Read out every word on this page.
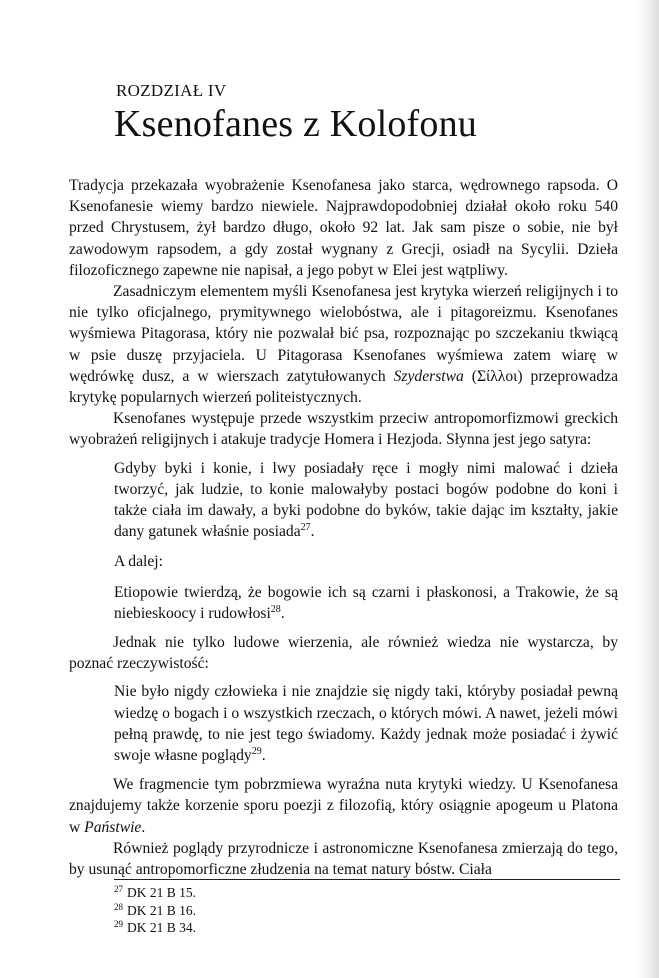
ROZDZIAŁ IV
Ksenofanes z Kolofonu

Tradycja przekazała wyobrażenie Ksenofanesa jako starca, wędrownego rapsoda. O Ksenofanesie wiemy bardzo niewiele. Najprawdopodobniej działał około roku 540 przed Chrystusem, żył bardzo długo, około 92 lat. Jak sam pisze o sobie, nie był zawodowym rapsodem, a gdy został wygnany z Grecji, osiadł na Sycylii. Dzieła filozoficznego zapewne nie napisał, a jego pobyt w Elei jest wątpliwy.

Zasadniczym elementem myśli Ksenofanesa jest krytyka wierzeń religijnych i to nie tylko oficjalnego, prymitywnego wielobóstwa, ale i pitagoreizmu. Ksenofanes wyśmiewa Pitagorasa, który nie pozwalał bić psa, rozpoznając po szczekaniu tkwiącą w psie duszę przyjaciela. U Pitagorasa Ksenofanes wyśmiewa zatem wiarę w wędrówkę dusz, a w wierszach zatytułowanych Szyderstwa (Σίλλοι) przeprowadza krytykę popularnych wierzeń politeistycznych.

Ksenofanes występuje przede wszystkim przeciw antropomorfizmowi greckich wyobrażeń religijnych i atakuje tradycje Homera i Hezjoda. Słynna jest jego satyra:

Gdyby byki i konie, i lwy posiadały ręce i mogły nimi malować i dzieła tworzyć, jak ludzie, to konie malowałyby postaci bogów podobne do koni i także ciała im dawały, a byki podobne do byków, takie dając im kształty, jakie dany gatunek właśnie posiada$^{27}$.

A dalej:

Etiopowie twierdzą, że bogowie ich są czarni i płaskonosi, a Trakowie, że są niebieskoocy i rudowłosi$^{28}$.

Jednak nie tylko ludowe wierzenia, ale również wiedza nie wystarcza, by poznać rzeczywistość:

Nie było nigdy człowieka i nie znajdzie się nigdy taki, któryby posiadał pewną wiedzę o bogach i o wszystkich rzeczach, o których mówi. A nawet, jeżeli mówi pełną prawdę, to nie jest tego świadomy. Każdy jednak może posiadać i żywić swoje własne poglądy$^{29}$.

We fragmencie tym pobrzmiewa wyraźna nuta krytyki wiedzy. U Ksenofanesa znajdujemy także korzenie sporu poezji z filozofią, który osiągnie apogeum u Platona w Państwie.

Również poglądy przyrodnicze i astronomiczne Ksenofanesa zmierzają do tego, by usunąć antropomorficzne złudzenia na temat natury bóstw. Ciała

$^{27}$ DK 21 B 15.
$^{28}$ DK 21 B 16.
$^{29}$ DK 21 B 34.
